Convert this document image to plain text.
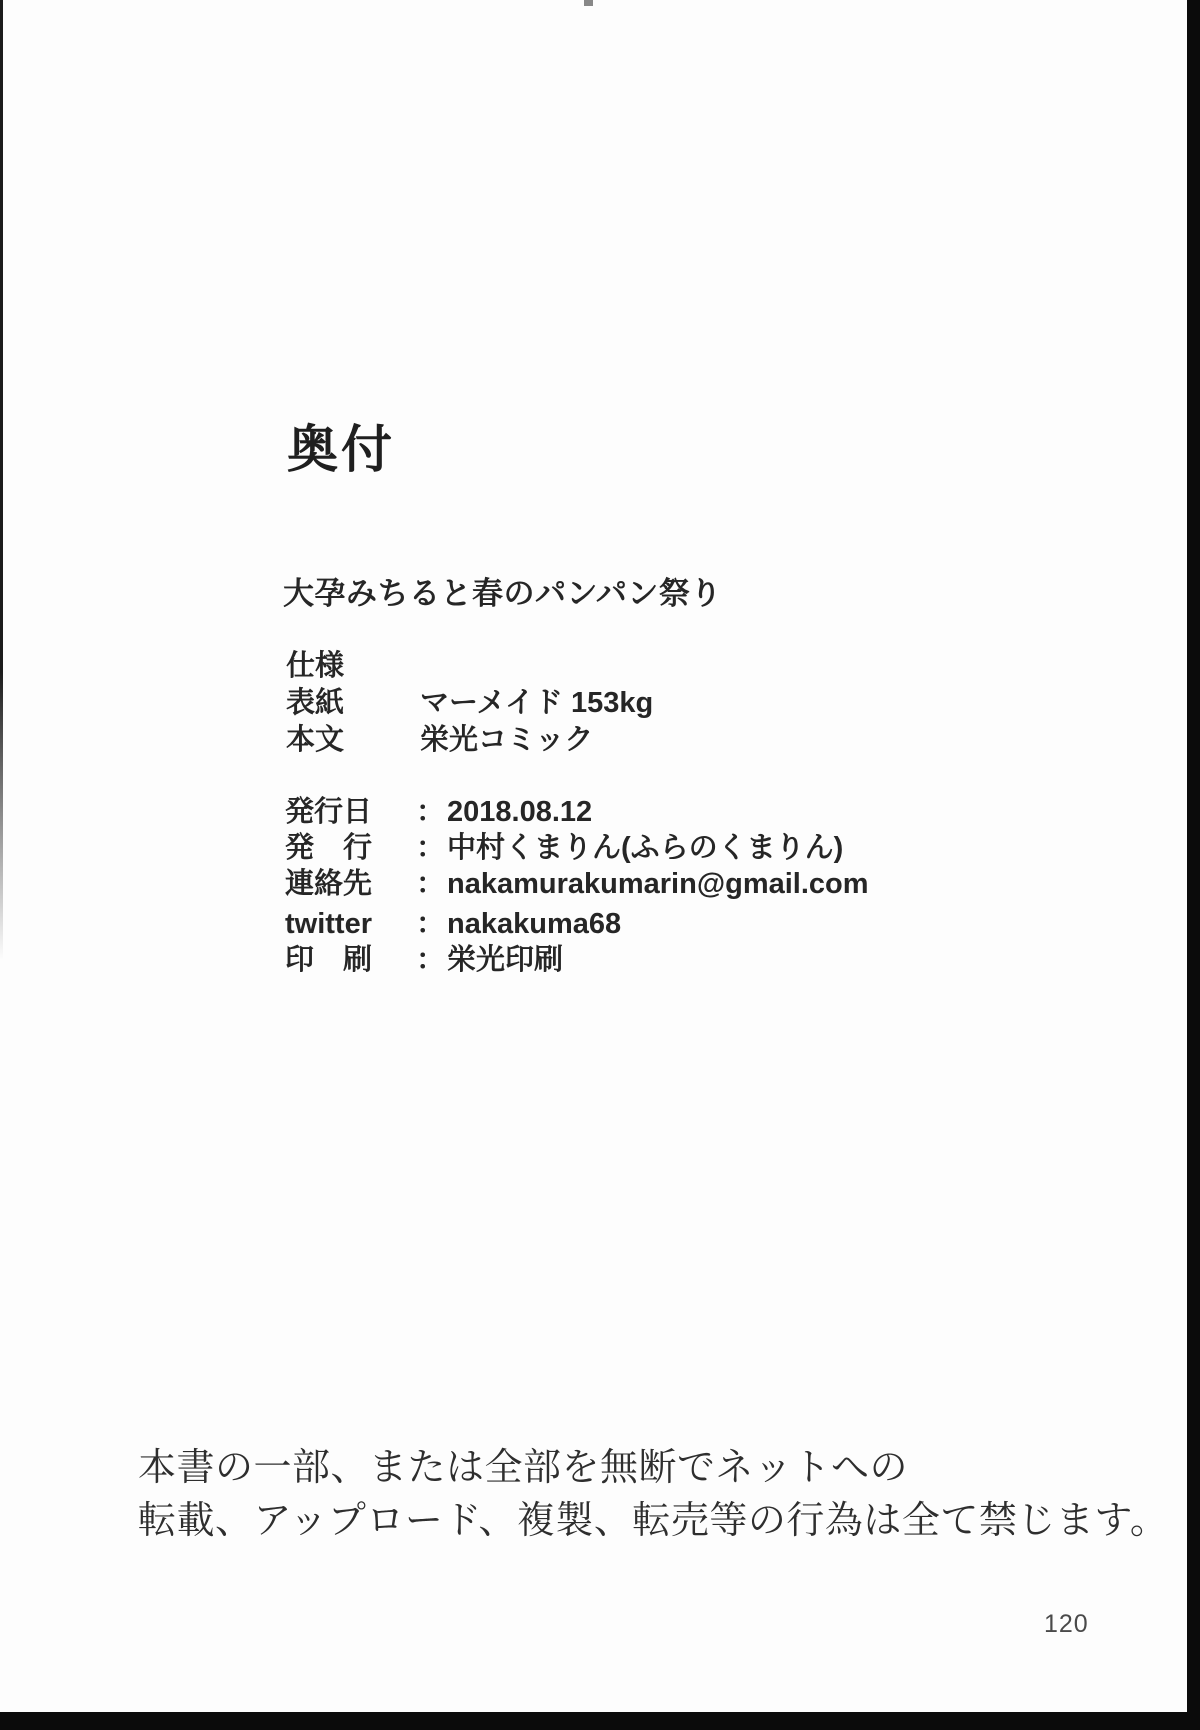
奥付
大孕みちると春のパンパン祭り
仕様
表紙	マーメイド 153kg
本文	栄光コミック
発行日	： 2018.08.12
発　行	： 中村くまりん(ふらのくまりん)
連絡先	： nakamurakumarin@gmail.com
twitter	： nakakuma68
印　刷	： 栄光印刷
本書の一部、または全部を無断でネットへの
転載、アップロード、複製、転売等の行為は全て禁じます。
120
